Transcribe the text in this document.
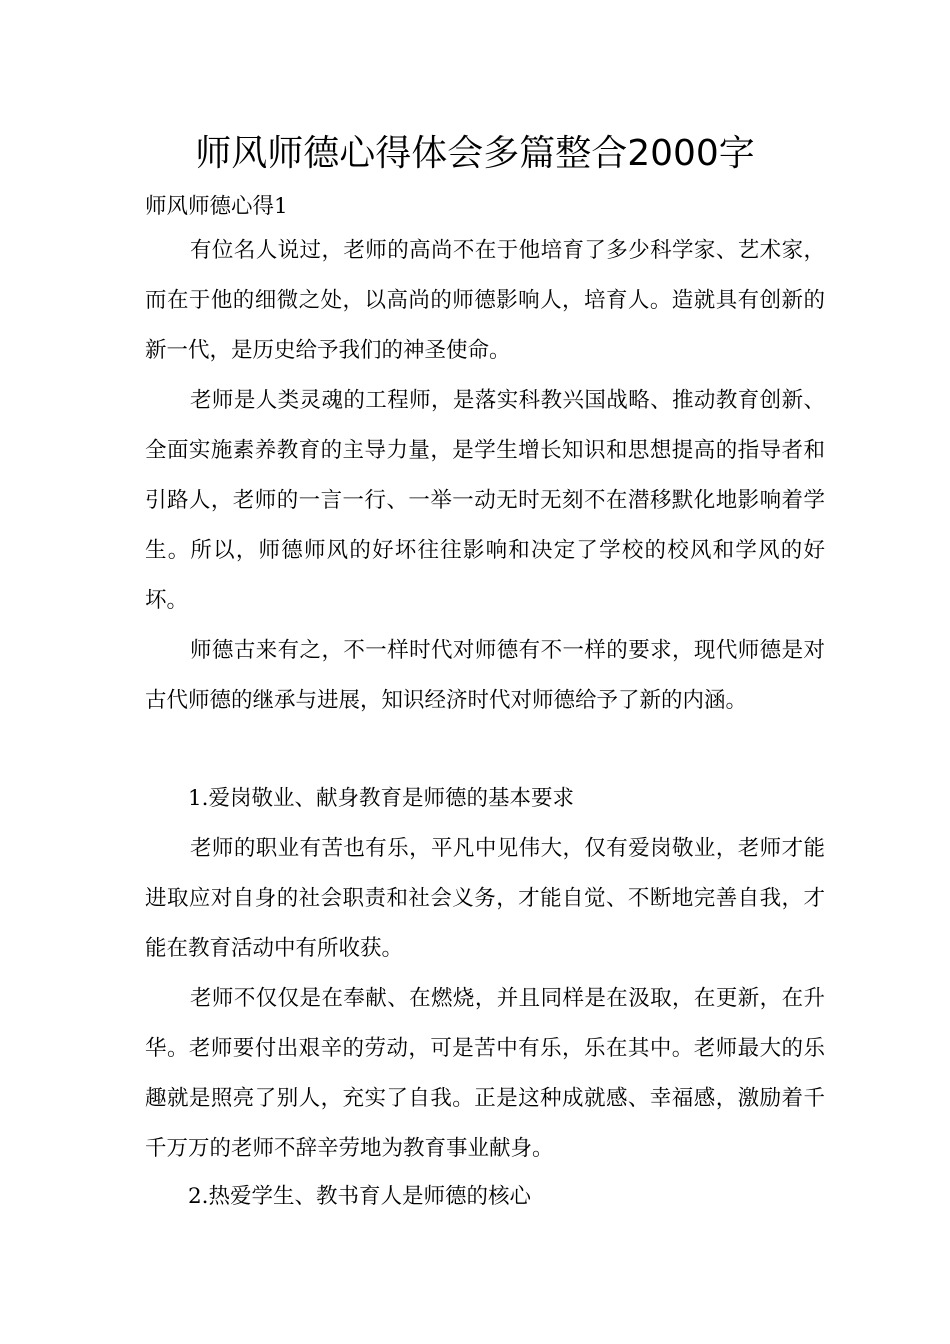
师风师德心得体会多篇整合2000字

师风师德心得1

有位名人说过，老师的高尚不在于他培育了多少科学家、艺术家，而在于他的细微之处，以高尚的师德影响人，培育人。造就具有创新的新一代，是历史给予我们的神圣使命。

老师是人类灵魂的工程师，是落实科教兴国战略、推动教育创新、全面实施素养教育的主导力量，是学生增长知识和思想提高的指导者和引路人，老师的一言一行、一举一动无时无刻不在潜移默化地影响着学生。所以，师德师风的好坏往往影响和决定了学校的校风和学风的好坏。

师德古来有之，不一样时代对师德有不一样的要求，现代师德是对古代师德的继承与进展，知识经济时代对师德给予了新的内涵。

1.爱岗敬业、献身教育是师德的基本要求

老师的职业有苦也有乐，平凡中见伟大，仅有爱岗敬业，老师才能进取应对自身的社会职责和社会义务，才能自觉、不断地完善自我，才能在教育活动中有所收获。

老师不仅仅是在奉献、在燃烧，并且同样是在汲取，在更新，在升华。老师要付出艰辛的劳动，可是苦中有乐，乐在其中。老师最大的乐趣就是照亮了别人，充实了自我。正是这种成就感、幸福感，激励着千千万万的老师不辞辛劳地为教育事业献身。

2.热爱学生、教书育人是师德的核心
